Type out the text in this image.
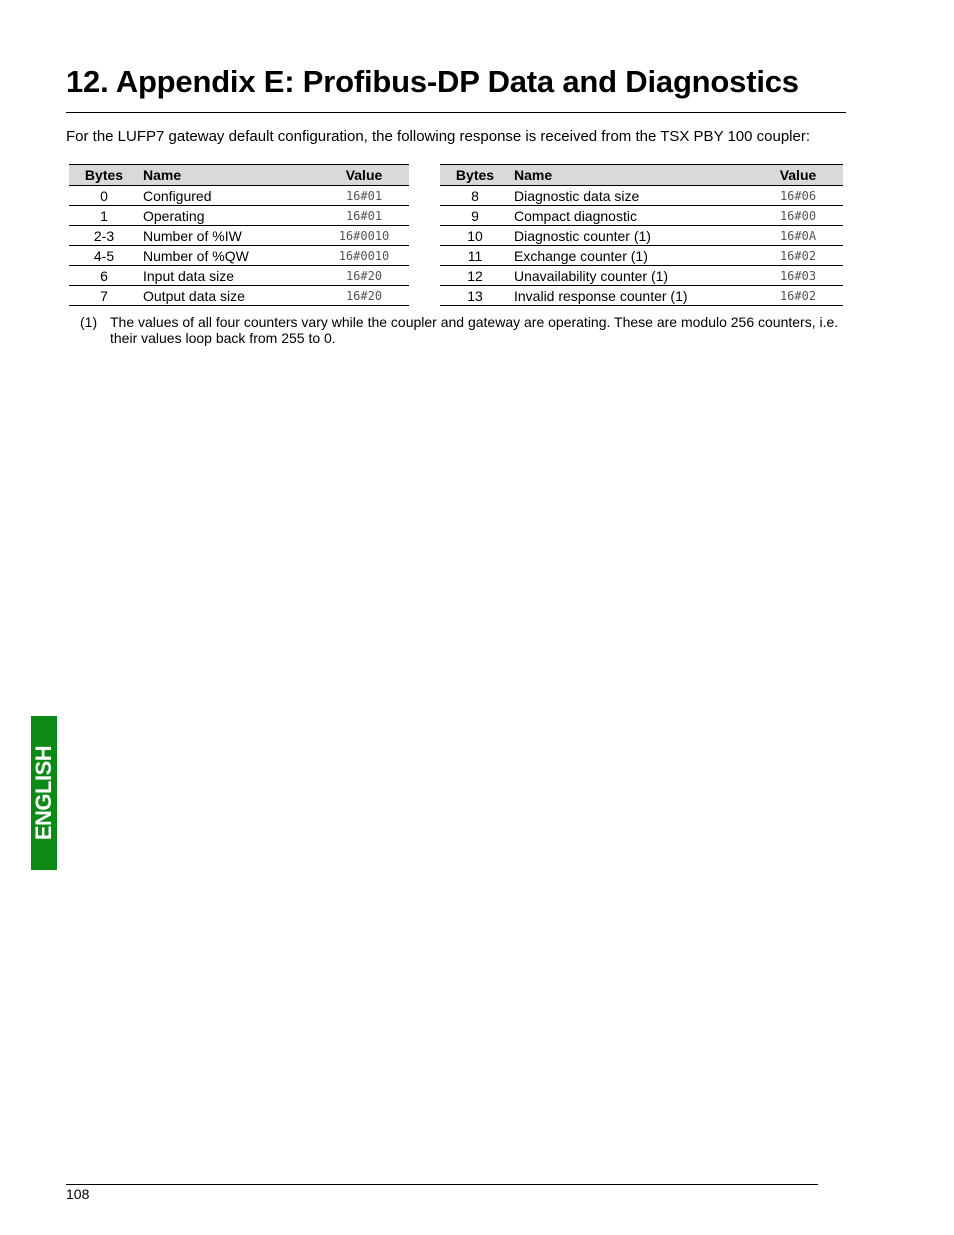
12. Appendix E: Profibus-DP Data and Diagnostics

For the LUFP7 gateway default configuration, the following response is received from the TSX PBY 100 coupler:

Bytes	Name	Value
0	Configured	16#01
1	Operating	16#01
2-3	Number of %IW	16#0010
4-5	Number of %QW	16#0010
6	Input data size	16#20
7	Output data size	16#20
Bytes	Name	Value
8	Diagnostic data size	16#06
9	Compact diagnostic	16#00
10	Diagnostic counter (1)	16#0A
11	Exchange counter (1)	16#02
12	Unavailability counter (1)	16#03
13	Invalid response counter (1)	16#02
(1) The values of all four counters vary while the coupler and gateway are operating. These are modulo 256 counters, i.e. their values loop back from 255 to 0.
ENGLISH
108
